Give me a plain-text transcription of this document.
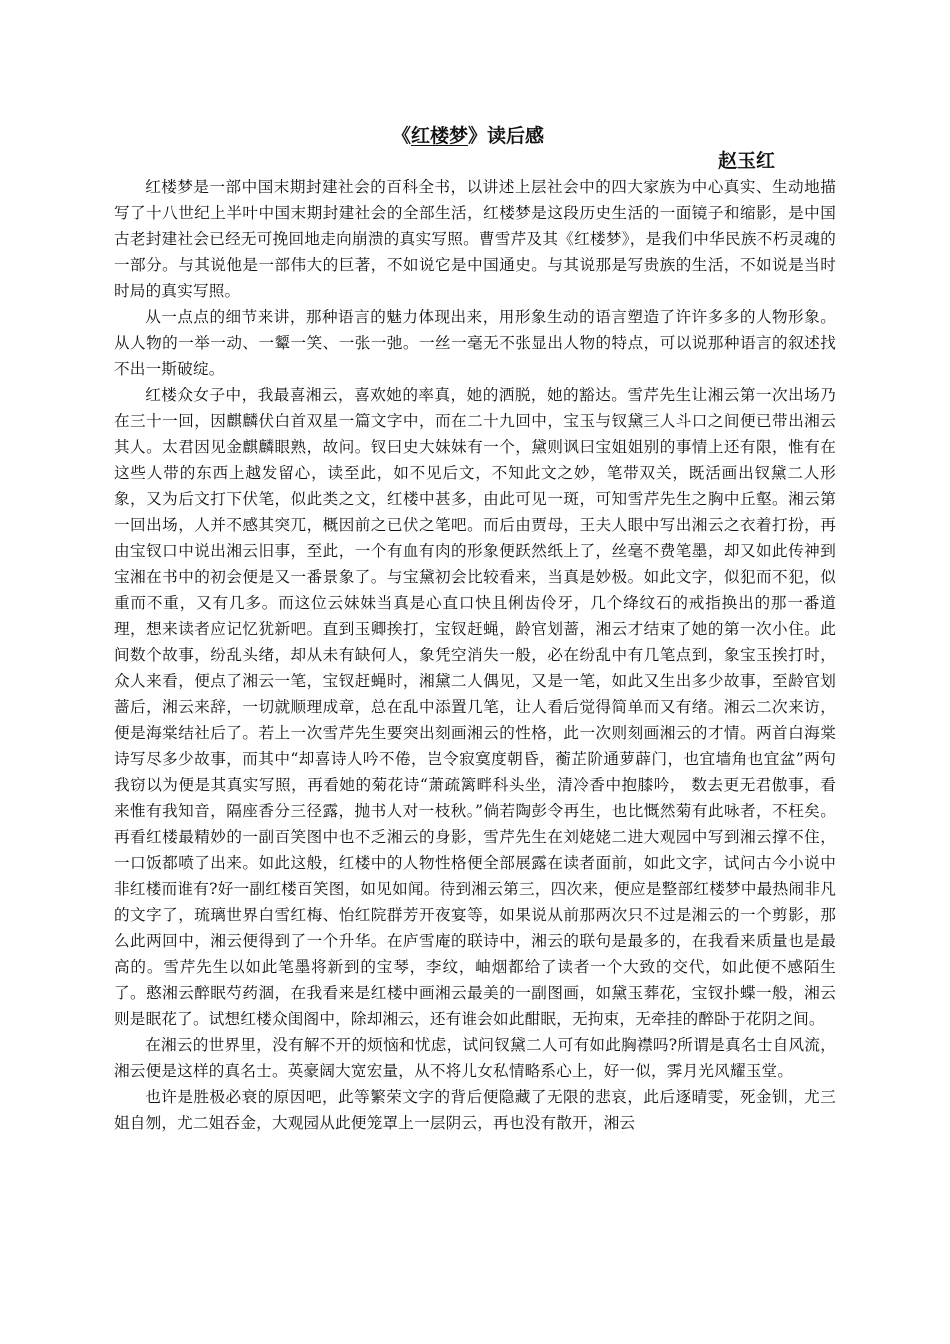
《红楼梦》读后感

赵玉红

红楼梦是一部中国末期封建社会的百科全书，以讲述上层社会中的四大家族为中心真实、生动地描写了十八世纪上半叶中国末期封建社会的全部生活，红楼梦是这段历史生活的一面镜子和缩影，是中国古老封建社会已经无可挽回地走向崩溃的真实写照。曹雪芹及其《红楼梦》，是我们中华民族不朽灵魂的一部分。与其说他是一部伟大的巨著，不如说它是中国通史。与其说那是写贵族的生活，不如说是当时时局的真实写照。

从一点点的细节来讲，那种语言的魅力体现出来，用形象生动的语言塑造了许许多多的人物形象。从人物的一举一动、一颦一笑、一张一弛。一丝一毫无不张显出人物的特点，可以说那种语言的叙述找不出一斯破绽。

红楼众女子中，我最喜湘云，喜欢她的率真，她的洒脱，她的豁达。雪芹先生让湘云第一次出场乃在三十一回，因麒麟伏白首双星一篇文字中，而在二十九回中，宝玉与钗黛三人斗口之间便已带出湘云其人。太君因见金麒麟眼熟，故问。钗曰史大妹妹有一个，黛则讽曰宝姐姐别的事情上还有限，惟有在这些人带的东西上越发留心，读至此，如不见后文，不知此文之妙，笔带双关，既活画出钗黛二人形象，又为后文打下伏笔，似此类之文，红楼中甚多，由此可见一斑，可知雪芹先生之胸中丘壑。湘云第一回出场，人并不感其突兀，概因前之已伏之笔吧。而后由贾母，王夫人眼中写出湘云之衣着打扮，再由宝钗口中说出湘云旧事，至此，一个有血有肉的形象便跃然纸上了，丝毫不费笔墨，却又如此传神到宝湘在书中的初会便是又一番景象了。与宝黛初会比较看来，当真是妙极。如此文字，似犯而不犯，似重而不重，又有几多。而这位云妹妹当真是心直口快且俐齿伶牙，几个绛纹石的戒指换出的那一番道理，想来读者应记忆犹新吧。直到玉卿挨打，宝钗赶蝇，龄官划蔷，湘云才结束了她的第一次小住。此间数个故事，纷乱头绪，却从未有缺何人，象凭空消失一般，必在纷乱中有几笔点到，象宝玉挨打时，众人来看，便点了湘云一笔，宝钗赶蝇时，湘黛二人偶见，又是一笔，如此又生出多少故事，至龄官划蔷后，湘云来辞，一切就顺理成章，总在乱中添置几笔，让人看后觉得简单而又有绪。湘云二次来访，便是海棠结社后了。若上一次雪芹先生要突出刻画湘云的性格，此一次则刻画湘云的才情。两首白海棠诗写尽多少故事，而其中“却喜诗人吟不倦，岂令寂寞度朝昏，蘅芷阶通萝薜门，也宜墙角也宜盆”两句我窃以为便是其真实写照，再看她的菊花诗“萧疏篱畔科头坐，清冷香中抱膝吟， 数去更无君傲事，看来惟有我知音，隔座香分三径露，抛书人对一枝秋。”倘若陶彭令再生，也比慨然菊有此咏者，不枉矣。再看红楼最精妙的一副百笑图中也不乏湘云的身影，雪芹先生在刘姥姥二进大观园中写到湘云撑不住，一口饭都喷了出来。如此这般，红楼中的人物性格便全部展露在读者面前，如此文字，试问古今小说中非红楼而谁有?好一副红楼百笑图，如见如闻。待到湘云第三，四次来，便应是整部红楼梦中最热闹非凡的文字了，琉璃世界白雪红梅、怡红院群芳开夜宴等，如果说从前那两次只不过是湘云的一个剪影，那么此两回中，湘云便得到了一个升华。在庐雪庵的联诗中，湘云的联句是最多的，在我看来质量也是最高的。雪芹先生以如此笔墨将新到的宝琴，李纹，岫烟都给了读者一个大致的交代，如此便不感陌生了。憨湘云醉眠芍药涸，在我看来是红楼中画湘云最美的一副图画，如黛玉葬花，宝钗扑蝶一般，湘云则是眠花了。试想红楼众闺阁中，除却湘云，还有谁会如此酣眠，无拘束，无牵挂的醉卧于花阴之间。

在湘云的世界里，没有解不开的烦恼和忧虑，试问钗黛二人可有如此胸襟吗?所谓是真名士自风流，湘云便是这样的真名士。英豪阔大宽宏量，从不将儿女私情略系心上，好一似，霁月光风耀玉堂。

也许是胜极必衰的原因吧，此等繁荣文字的背后便隐藏了无限的悲哀，此后逐晴雯，死金钏，尤三姐自刎，尤二姐吞金，大观园从此便笼罩上一层阴云，再也没有散开，湘云
